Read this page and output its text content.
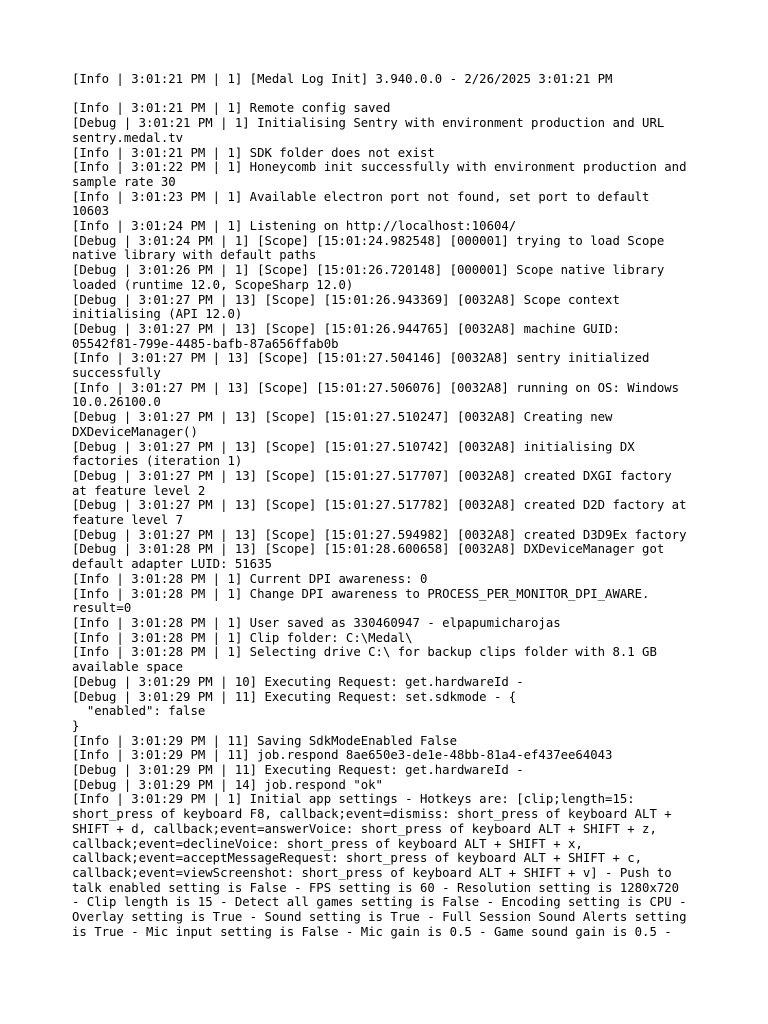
[Info | 3:01:21 PM | 1] [Medal Log Init] 3.940.0.0 - 2/26/2025 3:01:21 PM
[Info | 3:01:21 PM | 1] Remote config saved
[Debug | 3:01:21 PM | 1] Initialising Sentry with environment production and URL
sentry.medal.tv
[Info | 3:01:21 PM | 1] SDK folder does not exist
[Info | 3:01:22 PM | 1] Honeycomb init successfully with environment production and
sample rate 30
[Info | 3:01:23 PM | 1] Available electron port not found, set port to default
10603
[Info | 3:01:24 PM | 1] Listening on http://localhost:10604/
[Debug | 3:01:24 PM | 1] [Scope] [15:01:24.982548] [000001] trying to load Scope
native library with default paths
[Debug | 3:01:26 PM | 1] [Scope] [15:01:26.720148] [000001] Scope native library
loaded (runtime 12.0, ScopeSharp 12.0)
[Debug | 3:01:27 PM | 13] [Scope] [15:01:26.943369] [0032A8] Scope context
initialising (API 12.0)
[Debug | 3:01:27 PM | 13] [Scope] [15:01:26.944765] [0032A8] machine GUID:
05542f81-799e-4485-bafb-87a656ffab0b
[Info | 3:01:27 PM | 13] [Scope] [15:01:27.504146] [0032A8] sentry initialized
successfully
[Info | 3:01:27 PM | 13] [Scope] [15:01:27.506076] [0032A8] running on OS: Windows
10.0.26100.0
[Debug | 3:01:27 PM | 13] [Scope] [15:01:27.510247] [0032A8] Creating new
DXDeviceManager()
[Debug | 3:01:27 PM | 13] [Scope] [15:01:27.510742] [0032A8] initialising DX
factories (iteration 1)
[Debug | 3:01:27 PM | 13] [Scope] [15:01:27.517707] [0032A8] created DXGI factory
at feature level 2
[Debug | 3:01:27 PM | 13] [Scope] [15:01:27.517782] [0032A8] created D2D factory at
feature level 7
[Debug | 3:01:27 PM | 13] [Scope] [15:01:27.594982] [0032A8] created D3D9Ex factory
[Debug | 3:01:28 PM | 13] [Scope] [15:01:28.600658] [0032A8] DXDeviceManager got
default adapter LUID: 51635
[Info | 3:01:28 PM | 1] Current DPI awareness: 0
[Info | 3:01:28 PM | 1] Change DPI awareness to PROCESS_PER_MONITOR_DPI_AWARE.
result=0
[Info | 3:01:28 PM | 1] User saved as 330460947 - elpapumicharojas
[Info | 3:01:28 PM | 1] Clip folder: C:\Medal\
[Info | 3:01:28 PM | 1] Selecting drive C:\ for backup clips folder with 8.1 GB
available space
[Debug | 3:01:29 PM | 10] Executing Request: get.hardwareId -
[Debug | 3:01:29 PM | 11] Executing Request: set.sdkmode - {
"enabled": false
}
[Info | 3:01:29 PM | 11] Saving SdkModeEnabled False
[Info | 3:01:29 PM | 11] job.respond 8ae650e3-de1e-48bb-81a4-ef437ee64043
[Debug | 3:01:29 PM | 11] Executing Request: get.hardwareId -
[Debug | 3:01:29 PM | 14] job.respond "ok"
[Info | 3:01:29 PM | 1] Initial app settings - Hotkeys are: [clip;length=15:
short_press of keyboard F8, callback;event=dismiss: short_press of keyboard ALT +
SHIFT + d, callback;event=answerVoice: short_press of keyboard ALT + SHIFT + z,
callback;event=declineVoice: short_press of keyboard ALT + SHIFT + x,
callback;event=acceptMessageRequest: short_press of keyboard ALT + SHIFT + c,
callback;event=viewScreenshot: short_press of keyboard ALT + SHIFT + v] - Push to
talk enabled setting is False - FPS setting is 60 - Resolution setting is 1280x720
- Clip length is 15 - Detect all games setting is False - Encoding setting is CPU -
Overlay setting is True - Sound setting is True - Full Session Sound Alerts setting
is True - Mic input setting is False - Mic gain is 0.5 - Game sound gain is 0.5 -
